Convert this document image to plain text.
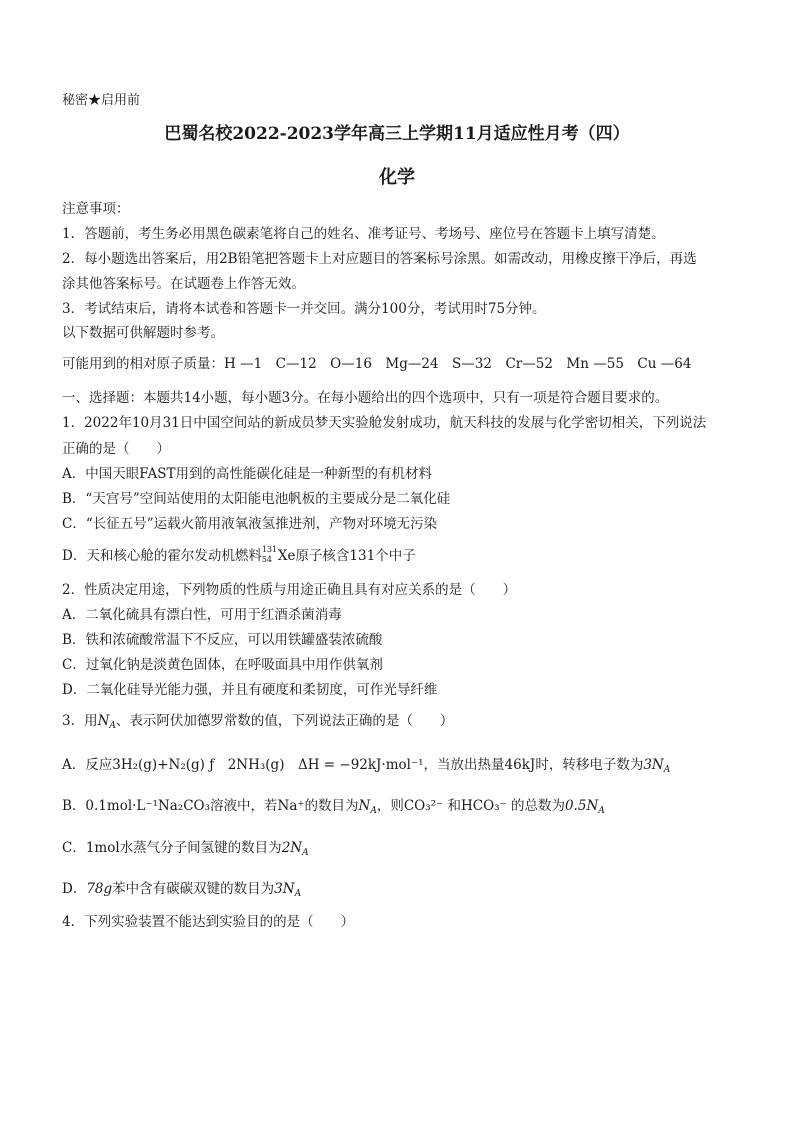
秘密★启用前
巴蜀名校2022-2023学年高三上学期11月适应性月考（四）
化学
注意事项：
1．答题前，考生务必用黑色碳素笔将自己的姓名、准考证号、考场号、座位号在答题卡上填写清楚。
2．每小题选出答案后，用2B铅笔把答题卡上对应题目的答案标号涂黑。如需改动，用橡皮擦干净后，再选
涂其他答案标号。在试题卷上作答无效。
3．考试结束后，请将本试卷和答题卡一并交回。满分100分，考试用时75分钟。
以下数据可供解题时参考。
可能用到的相对原子质量：H —1　C—12　O—16　Mg—24　S—32　Cr—52　Mn —55　Cu —64
一、选择题：本题共14小题，每小题3分。在每小题给出的四个选项中，只有一项是符合题目要求的。
1．2022年10月31日中国空间站的新成员梦天实验舱发射成功，航天科技的发展与化学密切相关，下列说法
正确的是（　　）
A．中国天眼FAST用到的高性能碳化硅是一种新型的有机材料
B．“天宫号”空间站使用的太阳能电池帆板的主要成分是二氧化硅
C．“长征五号”运载火箭用液氧液氢推进剂，产物对环境无污染
D．天和核心舱的霍尔发动机燃料 131
54 Xe原子核含131个中子
2．性质决定用途，下列物质的性质与用途正确且具有对应关系的是（　　）
A．二氧化硫具有漂白性，可用于红酒杀菌消毒
B．铁和浓硫酸常温下不反应，可以用铁罐盛装浓硫酸
C．过氧化钠是淡黄色固体，在呼吸面具中用作供氧剂
D．二氧化硅导光能力强，并且有硬度和柔韧度，可作光导纤维
3．用$N_A$、表示阿伏加德罗常数的值，下列说法正确的是（　　）
A．反应3H₂(g)+N₂(g) ƒ　2NH₃(g)　ΔH = −92kJ·mol⁻¹，当放出热量46kJ时，转移电子数为$3N_A$
B．0.1mol·L⁻¹Na₂CO₃溶液中，若Na⁺的数目为$N_A$，则CO₃²⁻ 和HCO₃⁻ 的总数为$0.5N_A$
C．1mol水蒸气分子间氢键的数目为$2N_A$
D．78g苯中含有碳碳双键的数目为$3N_A$
4．下列实验装置不能达到实验目的的是（　　）
